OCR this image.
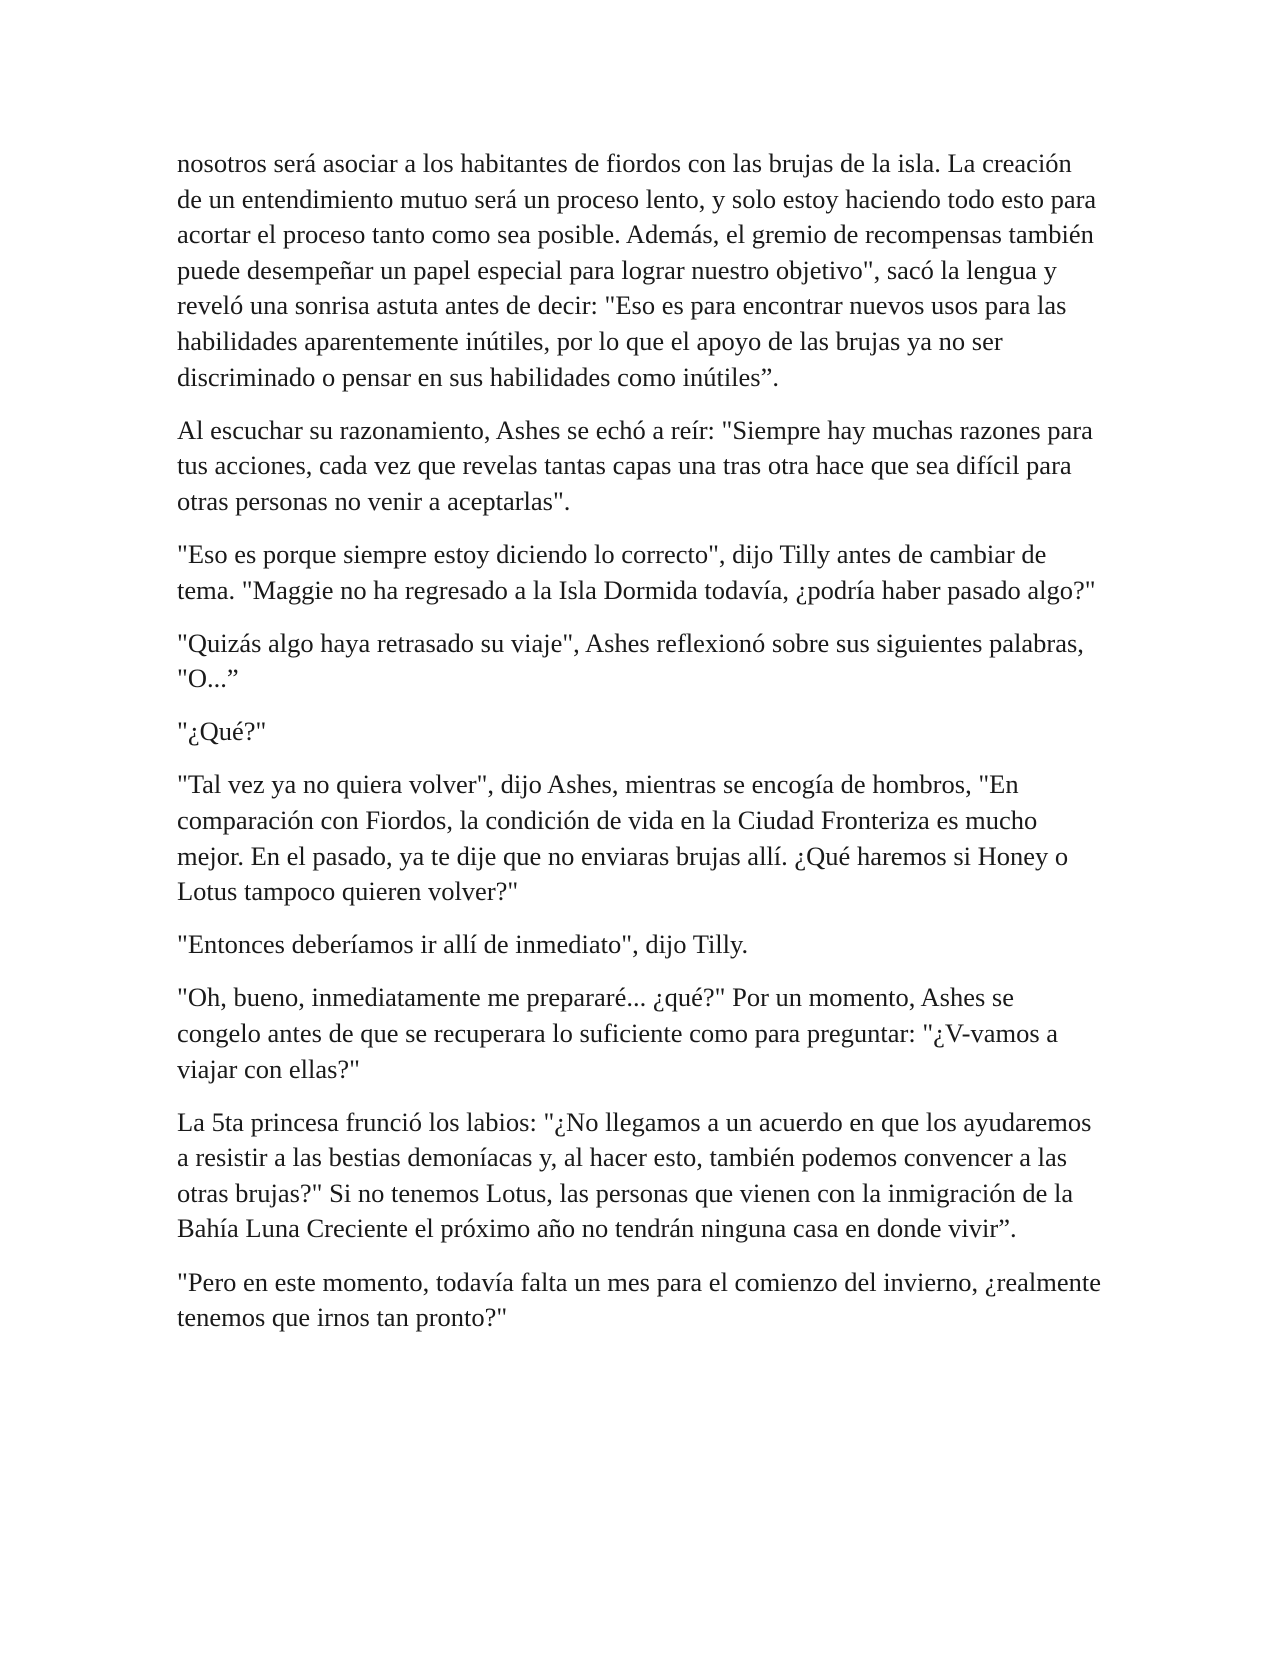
nosotros será asociar a los habitantes de fiordos con las brujas de la isla. La creación de un entendimiento mutuo será un proceso lento, y solo estoy haciendo todo esto para acortar el proceso tanto como sea posible. Además, el gremio de recompensas también puede desempeñar un papel especial para lograr nuestro objetivo", sacó la lengua y reveló una sonrisa astuta antes de decir: "Eso es para encontrar nuevos usos para las habilidades aparentemente inútiles, por lo que el apoyo de las brujas ya no ser discriminado o pensar en sus habilidades como inútiles”.

Al escuchar su razonamiento, Ashes se echó a reír: "Siempre hay muchas razones para tus acciones, cada vez que revelas tantas capas una tras otra hace que sea difícil para otras personas no venir a aceptarlas".

"Eso es porque siempre estoy diciendo lo correcto", dijo Tilly antes de cambiar de tema. "Maggie no ha regresado a la Isla Dormida todavía, ¿podría haber pasado algo?"

"Quizás algo haya retrasado su viaje", Ashes reflexionó sobre sus siguientes palabras, "O...”

"¿Qué?"

"Tal vez ya no quiera volver", dijo Ashes, mientras se encogía de hombros, "En comparación con Fiordos, la condición de vida en la Ciudad Fronteriza es mucho mejor. En el pasado, ya te dije que no enviaras brujas allí. ¿Qué haremos si Honey o Lotus tampoco quieren volver?"

"Entonces deberíamos ir allí de inmediato", dijo Tilly.

"Oh, bueno, inmediatamente me prepararé... ¿qué?" Por un momento, Ashes se congelo antes de que se recuperara lo suficiente como para preguntar: "¿V-vamos a viajar con ellas?"

La 5ta princesa frunció los labios: "¿No llegamos a un acuerdo en que los ayudaremos a resistir a las bestias demoníacas y, al hacer esto, también podemos convencer a las otras brujas?" Si no tenemos Lotus, las personas que vienen con la inmigración de la Bahía Luna Creciente el próximo año no tendrán ninguna casa en donde vivir”.

"Pero en este momento, todavía falta un mes para el comienzo del invierno, ¿realmente tenemos que irnos tan pronto?"
